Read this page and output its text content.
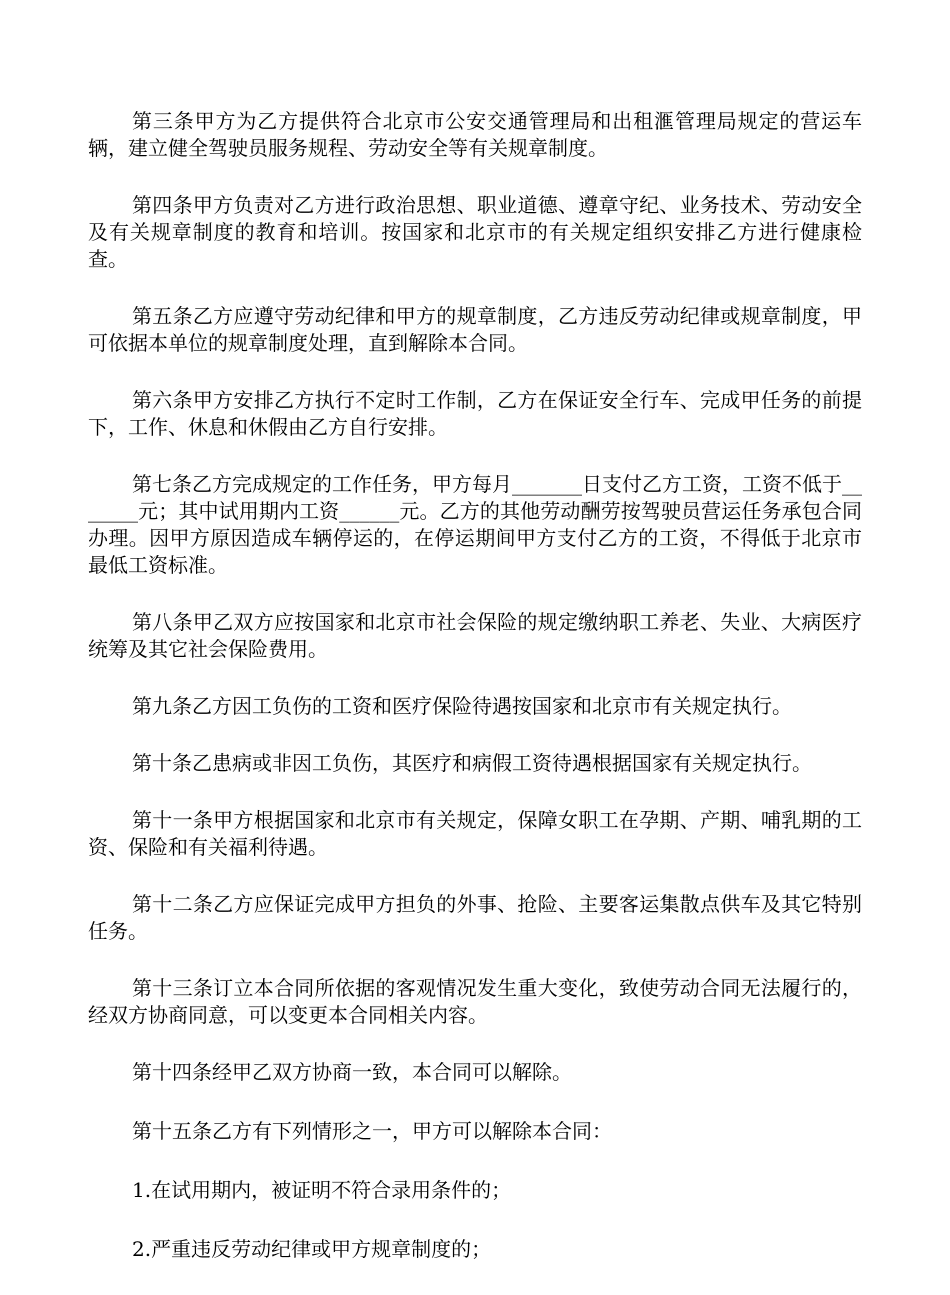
第三条甲方为乙方提供符合北京市公安交通管理局和出租滙管理局规定的营运车辆，建立健全驾驶员服务规程、劳动安全等有关规章制度。

第四条甲方负责对乙方进行政治思想、职业道德、遵章守纪、业务技术、劳动安全及有关规章制度的教育和培训。按国家和北京市的有关规定组织安排乙方进行健康检查。

第五条乙方应遵守劳动纪律和甲方的规章制度，乙方违反劳动纪律或规章制度，甲可依据本单位的规章制度处理，直到解除本合同。

第六条甲方安排乙方执行不定时工作制，乙方在保证安全行车、完成甲任务的前提下，工作、休息和休假由乙方自行安排。

第七条乙方完成规定的工作任务，甲方每月_______日支付乙方工资，工资不低于_______元；其中试用期内工资______元。乙方的其他劳动酬劳按驾驶员营运任务承包合同办理。因甲方原因造成车辆停运的，在停运期间甲方支付乙方的工资，不得低于北京市最低工资标准。

第八条甲乙双方应按国家和北京市社会保险的规定缴纳职工养老、失业、大病医疗统筹及其它社会保险费用。

第九条乙方因工负伤的工资和医疗保险待遇按国家和北京市有关规定执行。

第十条乙患病或非因工负伤，其医疗和病假工资待遇根据国家有关规定执行。

第十一条甲方根据国家和北京市有关规定，保障女职工在孕期、产期、哺乳期的工资、保险和有关福利待遇。

第十二条乙方应保证完成甲方担负的外事、抢险、主要客运集散点供车及其它特别任务。

第十三条订立本合同所依据的客观情况发生重大变化，致使劳动合同无法履行的，经双方协商同意，可以变更本合同相关内容。

第十四条经甲乙双方协商一致，本合同可以解除。

第十五条乙方有下列情形之一，甲方可以解除本合同：

1.在试用期内，被证明不符合录用条件的；

2.严重违反劳动纪律或甲方规章制度的；
